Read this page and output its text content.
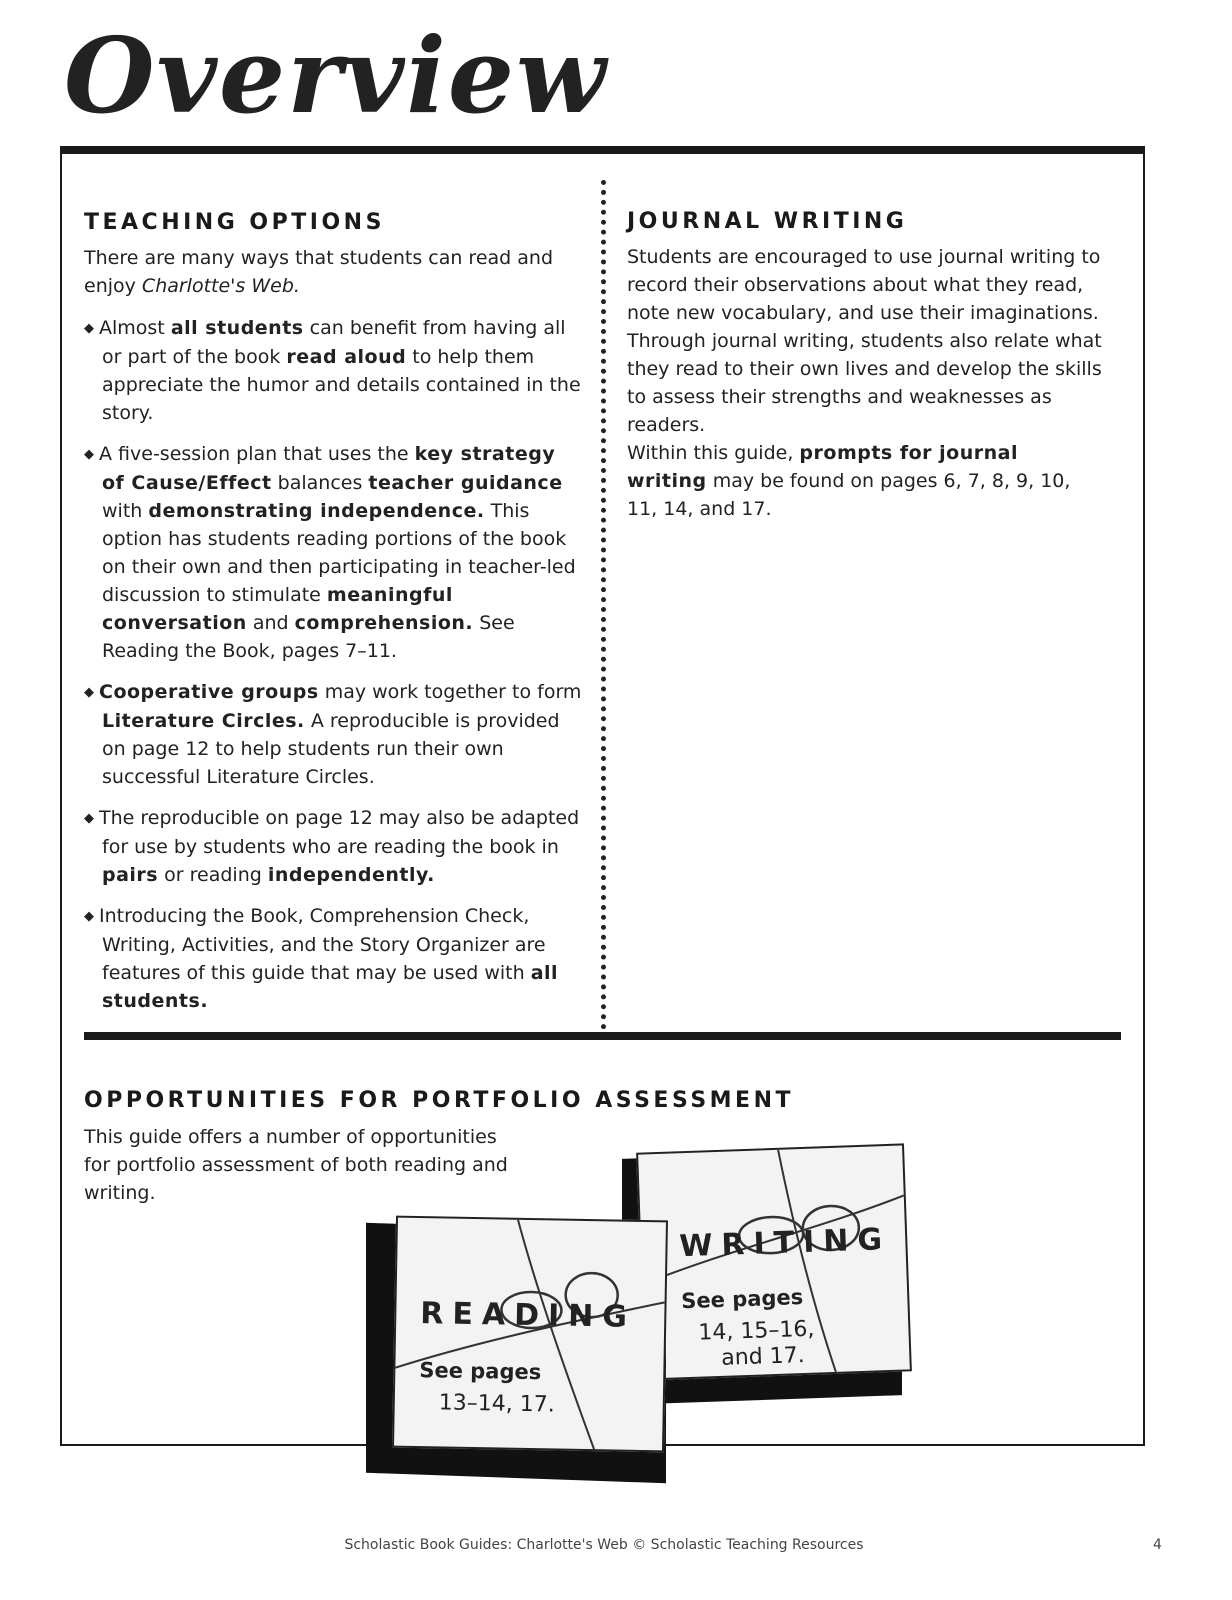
Overview
TEACHING OPTIONS

There are many ways that students can read and enjoy Charlotte's Web.

◆ Almost all students can benefit from having all or part of the book read aloud to help them appreciate the humor and details contained in the story.

◆ A five-session plan that uses the key strategy of Cause/Effect balances teacher guidance with demonstrating independence. This option has students reading portions of the book on their own and then participating in teacher-led discussion to stimulate meaningful conversation and comprehension. See Reading the Book, pages 7–11.

◆ Cooperative groups may work together to form Literature Circles. A reproducible is provided on page 12 to help students run their own successful Literature Circles.

◆ The reproducible on page 12 may also be adapted for use by students who are reading the book in pairs or reading independently.

◆ Introducing the Book, Comprehension Check, Writing, Activities, and the Story Organizer are features of this guide that may be used with all students.

JOURNAL WRITING

Students are encouraged to use journal writing to record their observations about what they read, note new vocabulary, and use their imaginations. Through journal writing, students also relate what they read to their own lives and develop the skills to assess their strengths and weaknesses as readers.

Within this guide, prompts for journal writing may be found on pages 6, 7, 8, 9, 10, 11, 14, and 17.

OPPORTUNITIES FOR PORTFOLIO ASSESSMENT

This guide offers a number of opportunities for portfolio assessment of both reading and writing.

WRITING

See pages

14, 15–16,
and 17.

READING

See pages

13–14, 17.

Scholastic Book Guides: Charlotte's Web © Scholastic Teaching Resources	4
